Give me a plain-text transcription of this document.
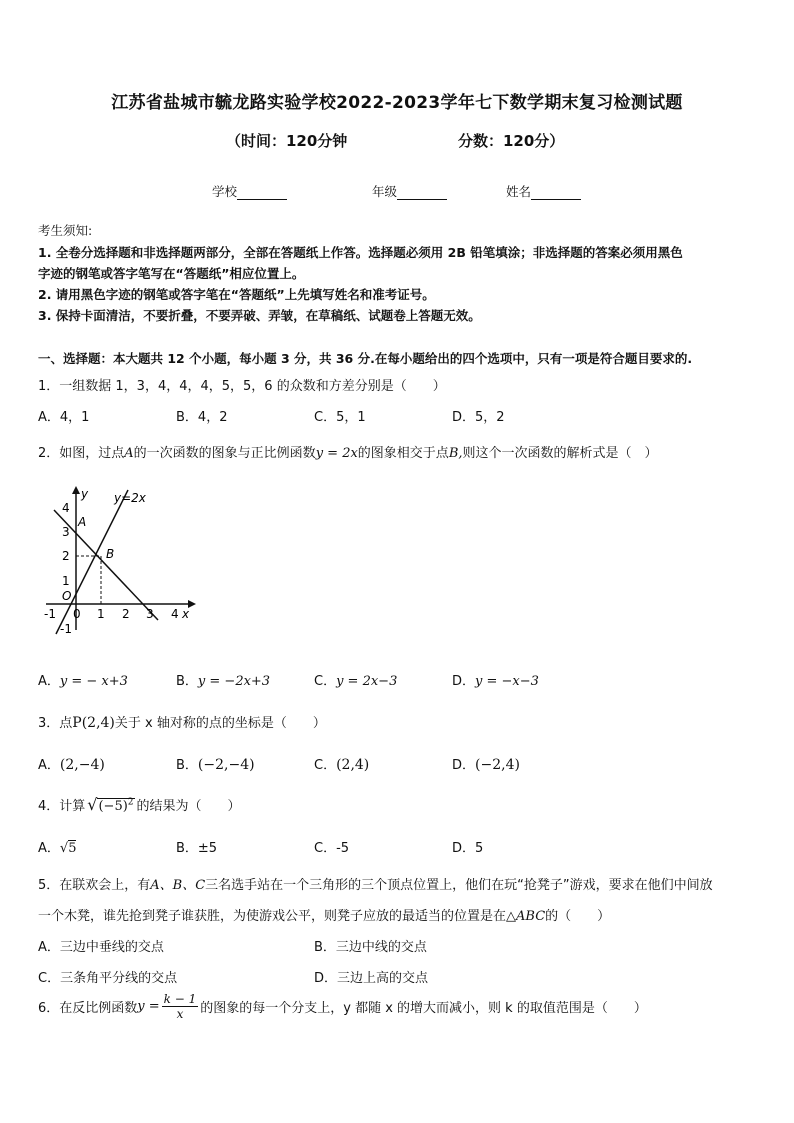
江苏省盐城市毓龙路实验学校2022-2023学年七下数学期末复习检测试题
（时间：120分钟	分数：120分）
学校	年级	姓名
考生须知:
1. 全卷分选择题和非选择题两部分，全部在答题纸上作答。选择题必须用 2B 铅笔填涂；非选择题的答案必须用黑色
字迹的钢笔或答字笔写在“答题纸”相应位置上。
2. 请用黑色字迹的钢笔或答字笔在“答题纸”上先填写姓名和准考证号。
3. 保持卡面清洁，不要折叠，不要弄破、弄皱，在草稿纸、试题卷上答题无效。
一、选择题：本大题共 12 个小题，每小题 3 分，共 36 分.在每小题给出的四个选项中，只有一项是符合题目要求的.
1．一组数据 1，3，4，4，4，5，5，6 的众数和方差分别是（　　）
A．4，1	B．4，2	C．5，1	D．5，2
2．如图，过点A的一次函数的图象与正比例函数y = 2x的图象相交于点B,则这个一次函数的解析式是（　）
y=2x
y
x
A
B
O
-1 0 1 2 3 4
4
3
2
1
-1
A．y = − x+3	B．y = −2x+3	C．y = 2x−3	D．y = −x−3
3．点P(2,4)关于 x 轴对称的点的坐标是（　　）
A．(2,−4)	B．(−2,−4)	C．(2,4)	D．(−2,4)
4．计算 $√(-5)^2$ 的结果为（　　）
A．√5	B．±5	C．-5	D．5
5．在联欢会上，有A、B、C三名选手站在一个三角形的三个顶点位置上，他们在玩“抢凳子”游戏，要求在他们中间放
一个木凳，谁先抢到凳子谁获胜，为使游戏公平，则凳子应放的最适当的位置是在△ABC的（　　）
A．三边中垂线的交点	B．三边中线的交点
C．三条角平分线的交点	D．三边上高的交点
6．在反比例函数 $y = \frac{k - 1}{x}$ 的图象的每一个分支上，y 都随 x 的增大而减小，则 k 的取值范围是（　　）
